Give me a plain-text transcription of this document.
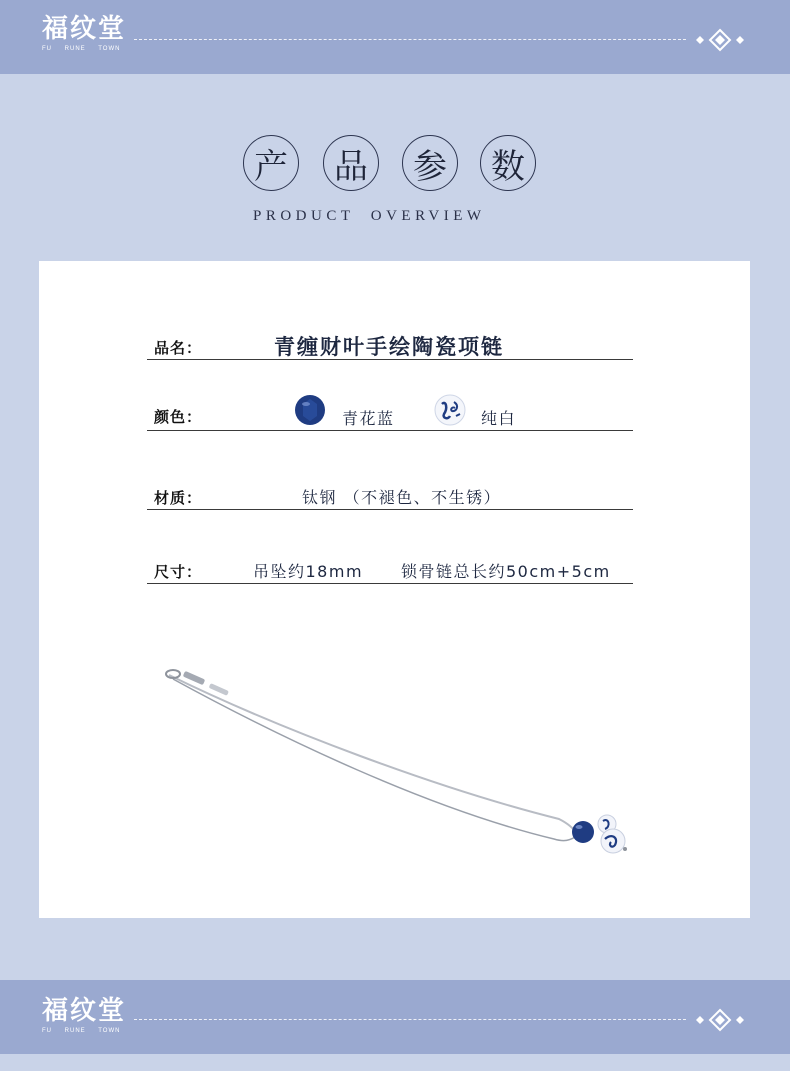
福纹堂
FU RUNE TOWN
产	品	参	数
PRODUCT  OVERVIEW
品名：	青缠财叶手绘陶瓷项链
颜色：	青花蓝	纯白
材质：	钛钢 （不褪色、不生锈）
尺寸：	吊坠约18mm 锁骨链总长约50cm+5cm
福纹堂
FU RUNE TOWN
